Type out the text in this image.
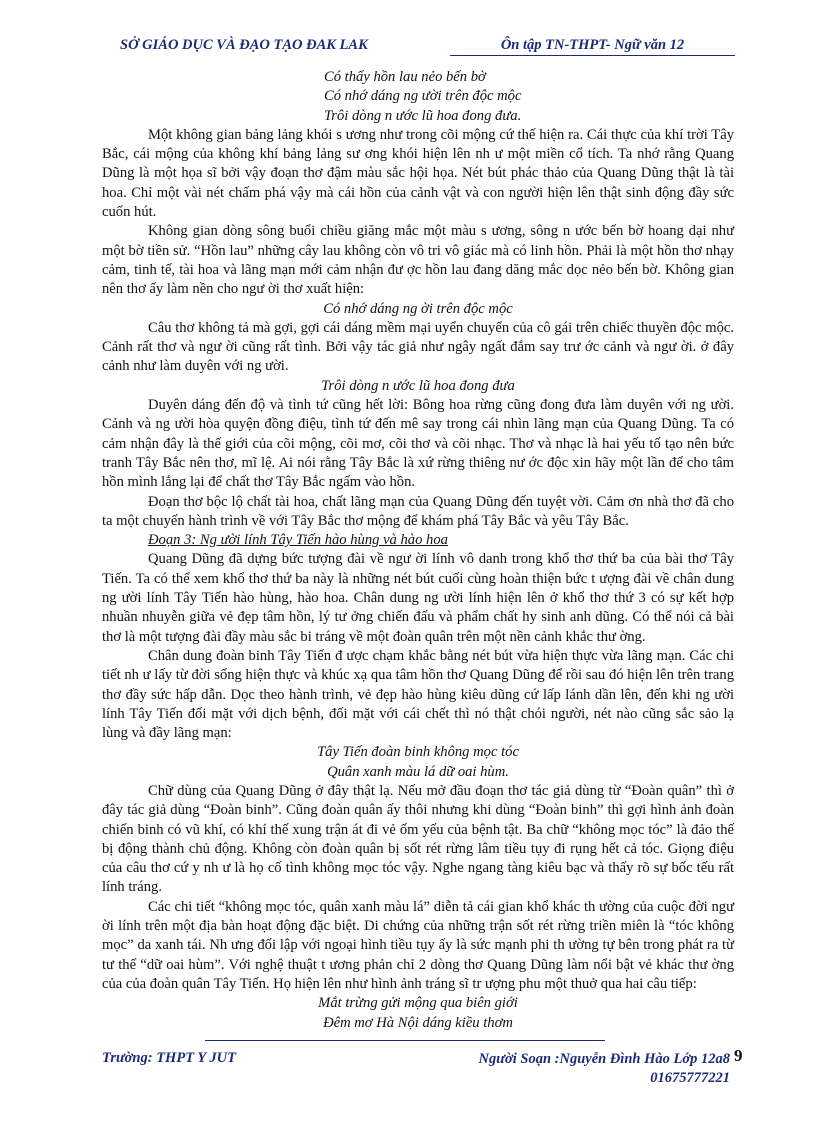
SỞ GIÁO DỤC VÀ ĐẠO TẠO ĐAK LAK	Ôn tập TN-THPT- Ngữ văn 12
Có thấy hồn lau nẻo bến bờ
Có nhớ dáng ng ười trên độc mộc
Trôi dòng n ước lũ hoa đong đưa.

Một không gian bảng lảng khói s ương như trong cõi mộng cứ thế hiện ra. Cái thực của khí trời Tây Bắc, cái mộng của không khí bảng lảng sư ơng khói hiện lên nh ư một miền cổ tích. Ta nhớ rằng Quang Dũng là một họa sĩ bởi vậy đoạn thơ đậm màu sắc hội họa. Nét bút phác thảo của Quang Dũng thật là tài hoa. Chỉ một vài nét chấm phá vậy mà cái hồn của cảnh vật và con người hiện lên thật sinh động đầy sức cuốn hút.

Không gian dòng sông buổi chiều giăng mắc một màu s ương, sông n ước bến bờ hoang dại như một bờ tiền sử. “Hồn lau” những cây lau không còn vô tri vô giác mà có linh hồn. Phải là một hồn thơ nhạy cảm, tinh tế, tài hoa và lãng mạn mới cảm nhận đư ợc hồn lau đang dăng mắc dọc nẻo bến bờ. Không gian nên thơ ấy làm nền cho ngư ời thơ xuất hiện:

Có nhớ dáng ng ời trên độc mộc

Câu thơ không tả mà gợi, gợi cái dáng mềm mại uyển chuyển của cô gái trên chiếc thuyền độc mộc. Cảnh rất thơ và ngư ời cũng rất tình. Bởi vậy tác giả như ngây ngất đắm say trư ớc cảnh và ngư ời. ở đây cảnh như làm duyên với ng ười.

Trôi dòng n ước lũ hoa đong đưa

Duyên dáng đến độ và tình tứ cũng hết lời: Bông hoa rừng cũng đong đưa làm duyên với ng ười. Cảnh và ng ười hòa quyện đồng điệu, tình tứ đến mê say trong cái nhìn lãng mạn của Quang Dũng. Ta có cảm nhận đây là thế giới của cõi mộng, cõi mơ, cõi thơ và cõi nhạc. Thơ và nhạc là hai yếu tố tạo nên bức tranh Tây Bắc nên thơ, mĩ lệ. Ai nói rằng Tây Bắc là xứ rừng thiêng nư ớc độc xin hãy một lần để cho tâm hồn mình lắng lại để chất thơ Tây Bắc ngấm vào hồn.

Đoạn thơ bộc lộ chất tài hoa, chất lãng mạn của Quang Dũng đến tuyệt vời. Cảm ơn nhà thơ đã cho ta một chuyến hành trình về với Tây Bắc thơ mộng để khám phá Tây Bắc và yêu Tây Bắc.

Đoạn 3: Ng ười lính Tây Tiến hào hùng và hào hoa

Quang Dũng đã dựng bức tượng đài về ngư ời lính vô danh trong khổ thơ thứ ba của bài thơ Tây Tiến. Ta có thể xem khổ thơ thứ ba này là những nét bút cuối cùng hoàn thiện bức t ượng đài về chân dung ng ười lính Tây Tiến hào hùng, hào hoa. Chân dung ng ười lính hiện lên ở khổ thơ thứ 3 có sự kết hợp nhuần nhuyễn giữa vẻ đẹp tâm hồn, lý tư ởng chiến đấu và phẩm chất hy sinh anh dũng. Có thể nói cả bài thơ là một tượng đài đầy màu sắc bi tráng về một đoàn quân trên một nền cảnh khắc thư ờng.

Chân dung đoàn binh Tây Tiến đ ược chạm khắc bằng nét bút vừa hiện thực vừa lãng mạn. Các chi tiết nh ư lấy từ đời sống hiện thực và khúc xạ qua tâm hồn thơ Quang Dũng để rồi sau đó hiện lên trên trang thơ đầy sức hấp dẫn. Dọc theo hành trình, vẻ đẹp hào hùng kiêu dũng cứ lấp lánh dần lên, đến khi ng ười lính Tây Tiến đối mặt với dịch bệnh, đối mặt với cái chết thì nó thật chói người, nét nào cũng sắc sảo lạ lùng và đầy lãng mạn:

Tây Tiến đoàn binh không mọc tóc
Quân xanh màu lá dữ oai hùm.

Chữ dùng của Quang Dũng ở đây thật lạ. Nếu mở đầu đoạn thơ tác giả dùng từ “Đoàn quân” thì ở đây tác giả dùng “Đoàn binh”. Cũng đoàn quân ấy thôi nhưng khi dùng “Đoàn binh” thì gợi hình ảnh đoàn chiến binh có vũ khí, có khí thế xung trận át đi vẻ ốm yếu của bệnh tật. Ba chữ “không mọc tóc” là đảo thế bị động thành chủ động. Không còn đoàn quân bị sốt rét rừng lâm tiều tụy đi rụng hết cả tóc. Giọng điệu của câu thơ cứ y nh ư là họ cố tình không mọc tóc vậy. Nghe ngang tàng kiêu bạc và thấy rõ sự bốc tếu rất lính tráng.

Các chi tiết “không mọc tóc, quân xanh màu lá” diễn tả cái gian khổ khác th ường của cuộc đời ngư ời lính trên một địa bàn hoạt động đặc biệt. Di chứng của những trận sốt rét rừng triền miên là “tóc không mọc” da xanh tái. Nh ưng đối lập với ngoại hình tiều tụy ấy là sức mạnh phi th ường tự bên trong phát ra từ tư thế “dữ oai hùm”. Với nghệ thuật t ương phản chỉ 2 dòng thơ Quang Dũng làm nổi bật vẻ khác thư ờng của của đoàn quân Tây Tiến. Họ hiện lên như hình ảnh tráng sĩ tr ượng phu một thuở qua hai câu tiếp:

Mắt trừng gửi mộng qua biên giới
Đêm mơ Hà Nội dáng kiều thơm
Trường: THPT Y JUT	Người Soạn :Nguyễn Đình Hào Lớp 12a8
01675777221
9
